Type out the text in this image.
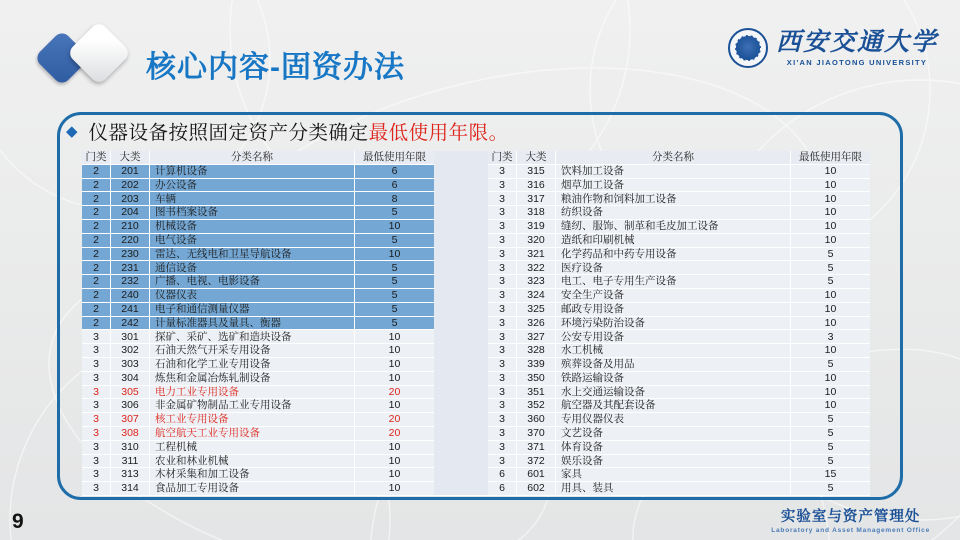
核心内容-固资办法
西安交通大学
XI'AN JIAOTONG UNIVERSITY
◆ 仪器设备按照固定资产分类确定最低使用年限。
门类	大类	分类名称	最低使用年限
2	201	计算机设备	6
2	202	办公设备	6
2	203	车辆	8
2	204	图书档案设备	5
2	210	机械设备	10
2	220	电气设备	5
2	230	雷达、无线电和卫星导航设备	10
2	231	通信设备	5
2	232	广播、电视、电影设备	5
2	240	仪器仪表	5
2	241	电子和通信测量仪器	5
2	242	计量标准器具及量具、衡器	5
3	301	探矿、采矿、选矿和造块设备	10
3	302	石油天然气开采专用设备	10
3	303	石油和化学工业专用设备	10
3	304	炼焦和金属冶炼轧制设备	10
3	305	电力工业专用设备	20
3	306	非金属矿物制品工业专用设备	10
3	307	核工业专用设备	20
3	308	航空航天工业专用设备	20
3	310	工程机械	10
3	311	农业和林业机械	10
3	313	木材采集和加工设备	10
3	314	食品加工专用设备	10
门类	大类	分类名称	最低使用年限
3	315	饮料加工设备	10
3	316	烟草加工设备	10
3	317	粮油作物和饲料加工设备	10
3	318	纺织设备	10
3	319	缝纫、服饰、制革和毛皮加工设备	10
3	320	造纸和印刷机械	10
3	321	化学药品和中药专用设备	5
3	322	医疗设备	5
3	323	电工、电子专用生产设备	5
3	324	安全生产设备	10
3	325	邮政专用设备	10
3	326	环境污染防治设备	10
3	327	公安专用设备	3
3	328	水工机械	10
3	339	殡葬设备及用品	5
3	350	铁路运输设备	10
3	351	水上交通运输设备	10
3	352	航空器及其配套设备	10
3	360	专用仪器仪表	5
3	370	文艺设备	5
3	371	体育设备	5
3	372	娱乐设备	5
6	601	家具	15
6	602	用具、装具	5
9	实验室与资产管理处
Laboratory and Asset Management Office
